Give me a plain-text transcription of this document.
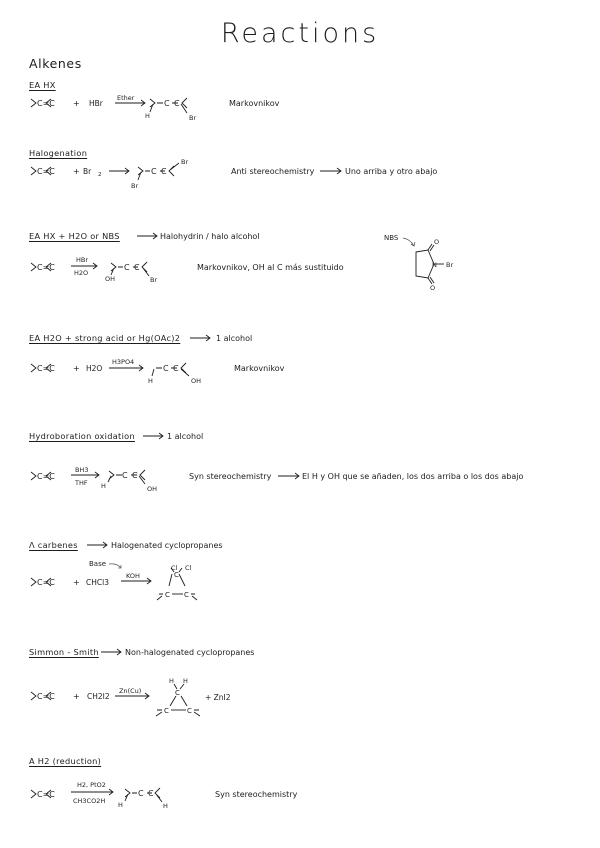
Reactions
Alkenes
EA HX
C=C + HBr
Ether
C C
H	Br
Markovnikov
Halogenation
C=C + Br 2	C C
Br
Br
Anti stereochemistry	Uno arriba y otro abajo
EA HX + H2O or NBS	Halohydrin / halo alcohol
C=C
HBr
H2O
C C
OH	Br
Markovnikov, OH al C más sustituido
NBS	O
O
N Br
EA H2O + strong acid or Hg(OAc)2	1 alcohol
C=C + H2O
H3PO4
C C
H	OH
Markovnikov
Hydroboration oxidation	1 alcohol
C=C
BH3
THF
C C
H	OH
Syn stereochemistry	El H y OH que se añaden, los dos arriba o los dos abajo
Λ carbenes	Halogenated cyclopropanes
Base
C=C + CHCl3
KOH
Cl Cl
C
C C
Simmon - Smith	Non-halogenated cyclopropanes
C=C + CH2I2
Zn(Cu)
H H
C
C	C
+ ZnI2
A H2 (reduction)
C=C
H2, PtO2
CH3CO2H
C C
H	H
Syn stereochemistry
